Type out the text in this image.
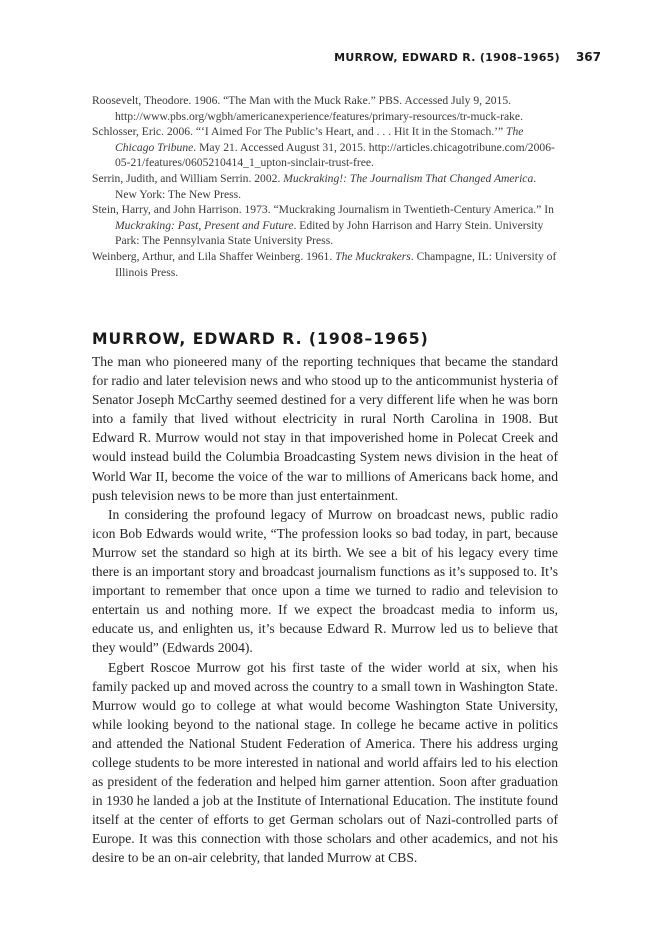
MURROW, EDWARD R. (1908–1965) 367

Roosevelt, Theodore. 1906. “The Man with the Muck Rake.” PBS. Accessed July 9, 2015. http://www.pbs.org/wgbh/americanexperience/features/primary-resources/tr-muck-rake.

Schlosser, Eric. 2006. “‘I Aimed For The Public’s Heart, and . . . Hit It in the Stomach.’” The Chicago Tribune. May 21. Accessed August 31, 2015. http://articles.chicagotribune.com/2006-05-21/features/0605210414_1_upton-sinclair-trust-free.

Serrin, Judith, and William Serrin. 2002. Muckraking!: The Journalism That Changed America. New York: The New Press.

Stein, Harry, and John Harrison. 1973. “Muckraking Journalism in Twentieth-Century America.” In Muckraking: Past, Present and Future. Edited by John Harrison and Harry Stein. University Park: The Pennsylvania State University Press.

Weinberg, Arthur, and Lila Shaffer Weinberg. 1961. The Muckrakers. Champagne, IL: University of Illinois Press.

MURROW, EDWARD R. (1908–1965)

The man who pioneered many of the reporting techniques that became the standard for radio and later television news and who stood up to the anticommunist hysteria of Senator Joseph McCarthy seemed destined for a very different life when he was born into a family that lived without electricity in rural North Carolina in 1908. But Edward R. Murrow would not stay in that impoverished home in Polecat Creek and would instead build the Columbia Broadcasting System news division in the heat of World War II, become the voice of the war to millions of Americans back home, and push television news to be more than just entertainment.

In considering the profound legacy of Murrow on broadcast news, public radio icon Bob Edwards would write, “The profession looks so bad today, in part, because Murrow set the standard so high at its birth. We see a bit of his legacy every time there is an important story and broadcast journalism functions as it’s supposed to. It’s important to remember that once upon a time we turned to radio and television to entertain us and nothing more. If we expect the broadcast media to inform us, educate us, and enlighten us, it’s because Edward R. Murrow led us to believe that they would” (Edwards 2004).

Egbert Roscoe Murrow got his first taste of the wider world at six, when his family packed up and moved across the country to a small town in Washington State. Murrow would go to college at what would become Washington State University, while looking beyond to the national stage. In college he became active in politics and attended the National Student Federation of America. There his address urging college students to be more interested in national and world affairs led to his election as president of the federation and helped him garner attention. Soon after graduation in 1930 he landed a job at the Institute of International Education. The institute found itself at the center of efforts to get German scholars out of Nazi-controlled parts of Europe. It was this connection with those scholars and other academics, and not his desire to be an on-air celebrity, that landed Murrow at CBS.
